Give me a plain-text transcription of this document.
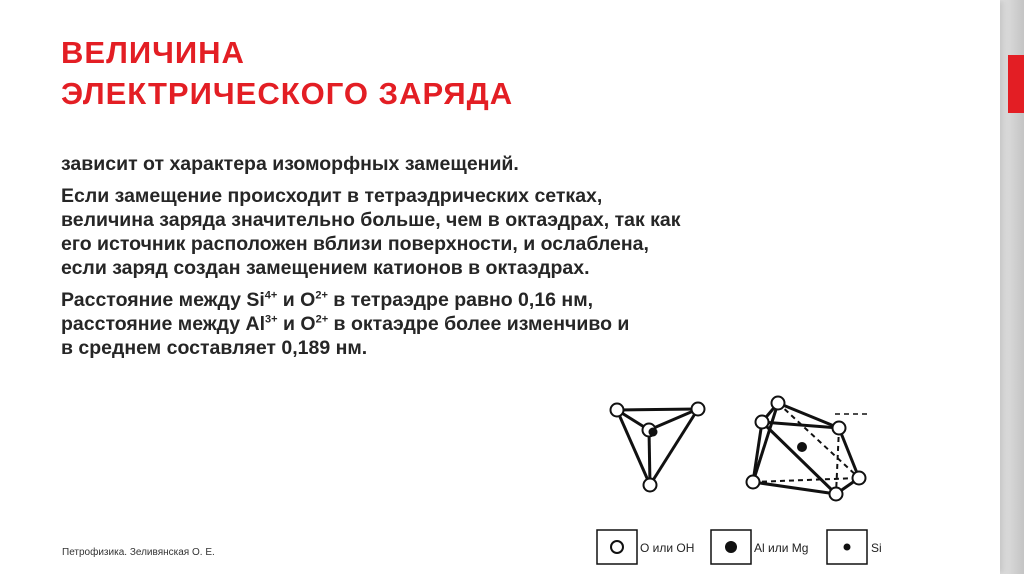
ВЕЛИЧИНА
ЭЛЕКТРИЧЕСКОГО ЗАРЯДА

зависит от характера изоморфных замещений.

Если замещение происходит в тетраэдрических сетках,
величина заряда значительно больше, чем в октаэдрах, так как
его источник расположен вблизи поверхности, и ослаблена,
если заряд создан замещением катионов в октаэдрах.

Расстояние между $Si^{4+}$ и $O^{2+}$ в тетраэдре равно 0,16 нм,
расстояние между $Al^{3+}$ и $O^{2+}$ в октаэдре более изменчиво и
в среднем составляет 0,189 нм.

О или ОН	Al или Mg	Si
Петрофизика. Зеливянская О. Е.
